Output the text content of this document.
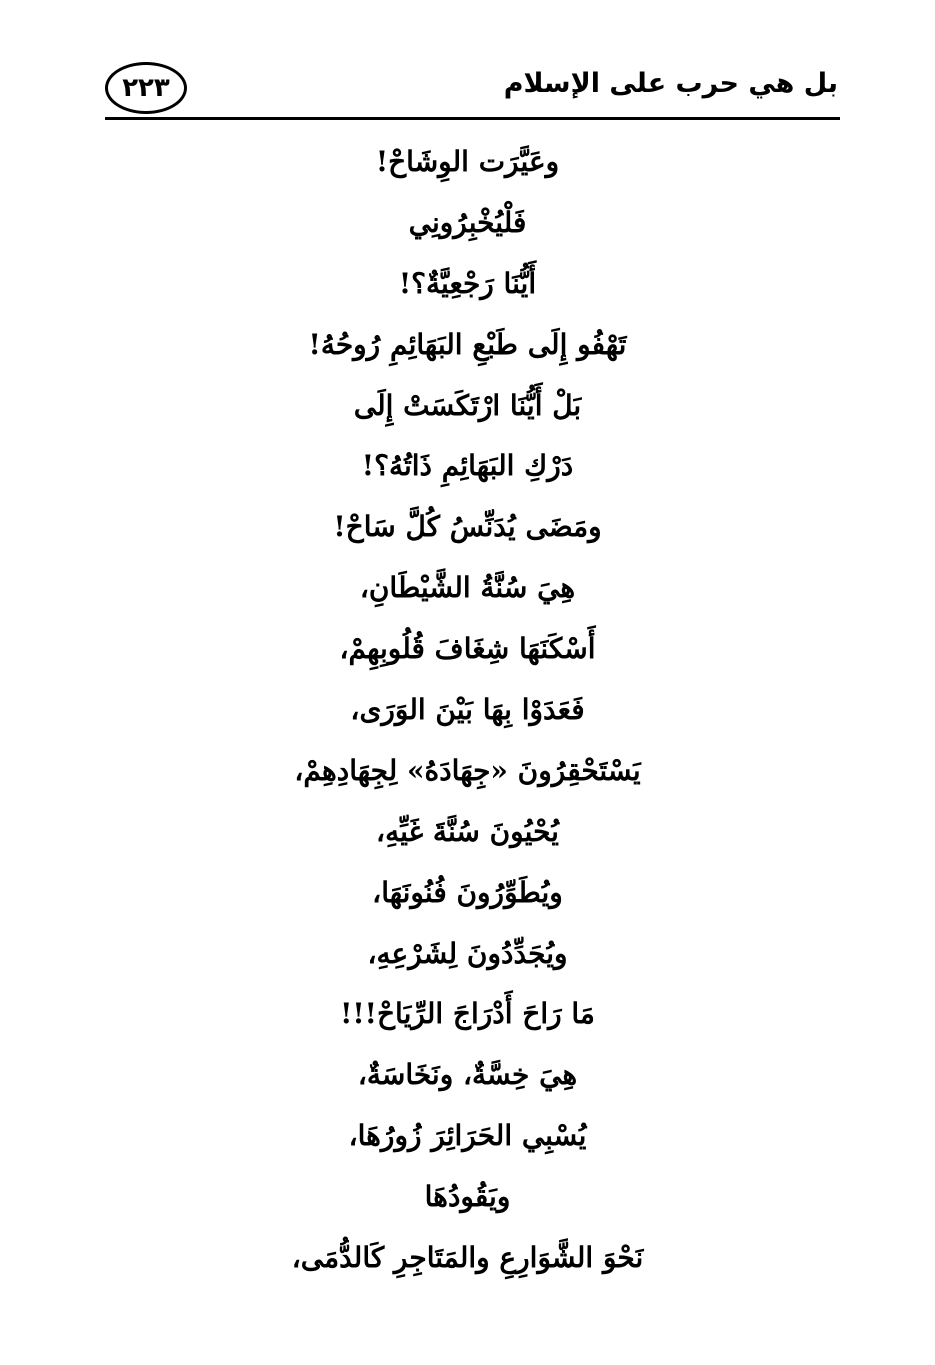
٢٢٣	بل هي حرب على الإسلام
وعَيَّرَت الوِشَاحْ!
فَلْيُخْبِرُونِي
أَيُّنَا رَجْعِيَّةٌ؟!
تَهْفُو إِلَى طَبْعِ البَهَائِمِ رُوحُهُ!
بَلْ أَيُّنَا ارْتَكَسَتْ إِلَى
دَرْكِ البَهَائِمِ ذَاتُهُ؟!
ومَضَى يُدَنِّسُ كُلَّ سَاحْ!
هِيَ سُنَّةُ الشَّيْطَانِ،
أَسْكَنَهَا شِغَافَ قُلُوبِهِمْ،
فَعَدَوْا بِهَا بَيْنَ الوَرَى،
يَسْتَحْقِرُونَ «جِهَادَهُ» لِجِهَادِهِمْ،
يُحْيُونَ سُنَّةَ غَيِّهِ،
ويُطَوِّرُونَ فُنُونَهَا،
ويُجَدِّدُونَ لِشَرْعِهِ،
مَا رَاحَ أَدْرَاجَ الرِّيَاحْ!!!
هِيَ خِسَّةٌ، ونَخَاسَةٌ،
يُسْبِي الحَرَائِرَ زُورُهَا،
ويَقُودُهَا
نَحْوَ الشَّوَارِعِ والمَتَاجِرِ كَالدُّمَى،
